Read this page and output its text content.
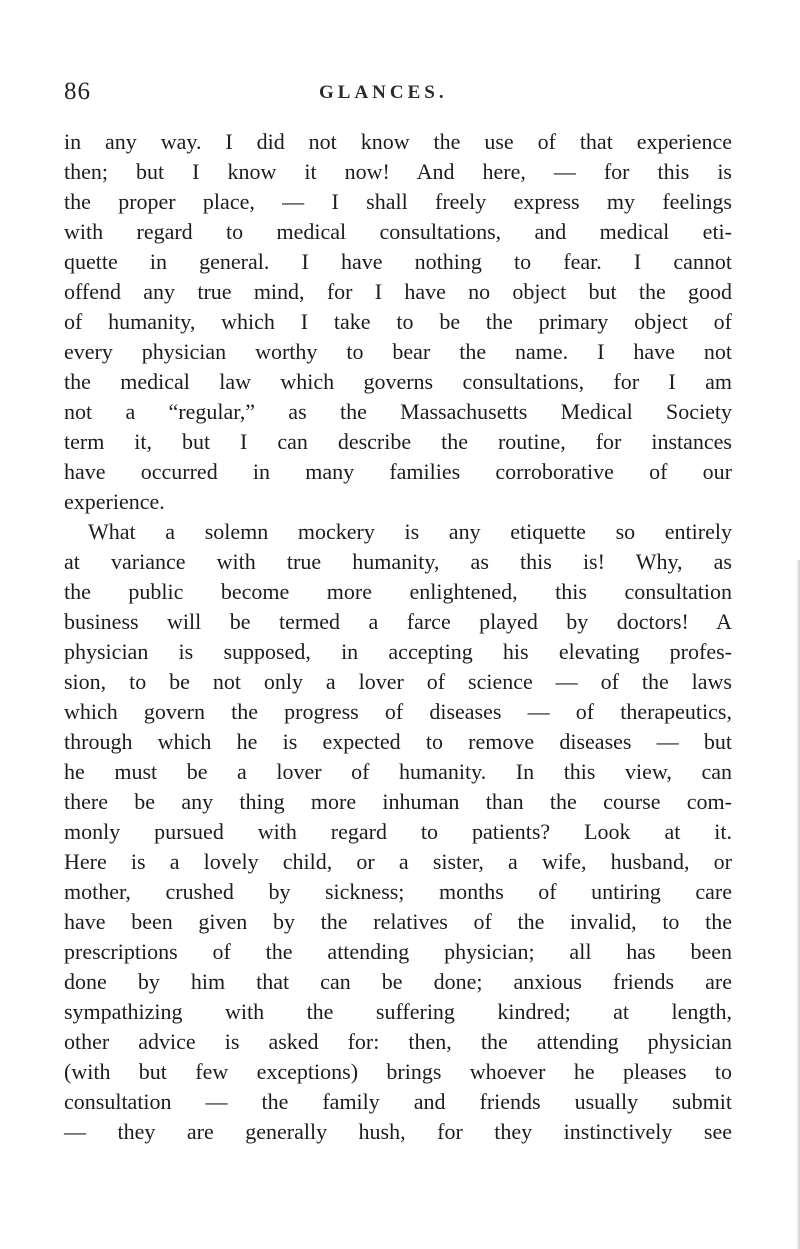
86	GLANCES.
in any way. I did not know the use of that experience
then; but I know it now! And here, — for this is
the proper place, — I shall freely express my feelings
with regard to medical consultations, and medical eti-
quette in general. I have nothing to fear. I cannot
offend any true mind, for I have no object but the good
of humanity, which I take to be the primary object of
every physician worthy to bear the name. I have not
the medical law which governs consultations, for I am
not a “regular,” as the Massachusetts Medical Society
term it, but I can describe the routine, for instances
have occurred in many families corroborative of our
experience.
What a solemn mockery is any etiquette so entirely
at variance with true humanity, as this is! Why, as
the public become more enlightened, this consultation
business will be termed a farce played by doctors! A
physician is supposed, in accepting his elevating profes-
sion, to be not only a lover of science — of the laws
which govern the progress of diseases — of therapeutics,
through which he is expected to remove diseases — but
he must be a lover of humanity. In this view, can
there be any thing more inhuman than the course com-
monly pursued with regard to patients? Look at it.
Here is a lovely child, or a sister, a wife, husband, or
mother, crushed by sickness; months of untiring care
have been given by the relatives of the invalid, to the
prescriptions of the attending physician; all has been
done by him that can be done; anxious friends are
sympathizing with the suffering kindred; at length,
other advice is asked for: then, the attending physician
(with but few exceptions) brings whoever he pleases to
consultation — the family and friends usually submit
— they are generally hush, for they instinctively see
